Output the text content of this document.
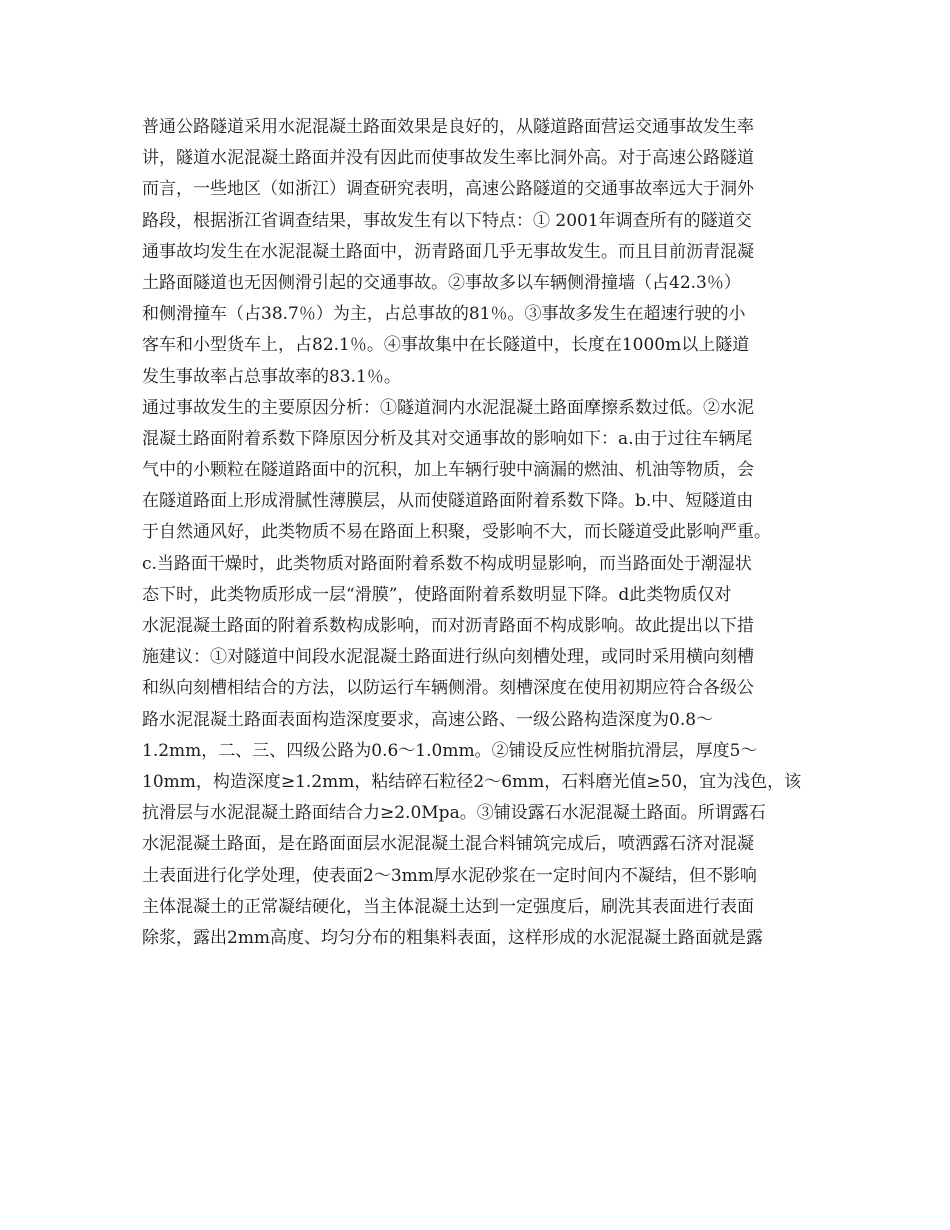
普通公路隧道采用水泥混凝土路面效果是良好的，从隧道路面营运交通事故发生率
讲，隧道水泥混凝土路面并没有因此而使事故发生率比洞外高。对于高速公路隧道
而言，一些地区（如浙江）调查研究表明，高速公路隧道的交通事故率远大于洞外
路段，根据浙江省调查结果，事故发生有以下特点：① 2001年调查所有的隧道交
通事故均发生在水泥混凝土路面中，沥青路面几乎无事故发生。而且目前沥青混凝
土路面隧道也无因侧滑引起的交通事故。②事故多以车辆侧滑撞墙（占42.3％）
和侧滑撞车（占38.7％）为主，占总事故的81％。③事故多发生在超速行驶的小
客车和小型货车上，占82.1％。④事故集中在长隧道中，长度在1000m以上隧道
发生事故率占总事故率的83.1％。
通过事故发生的主要原因分析：①隧道洞内水泥混凝土路面摩擦系数过低。②水泥
混凝土路面附着系数下降原因分析及其对交通事故的影响如下：a.由于过往车辆尾
气中的小颗粒在隧道路面中的沉积，加上车辆行驶中滴漏的燃油、机油等物质，会
在隧道路面上形成滑腻性薄膜层，从而使隧道路面附着系数下降。b.中、短隧道由
于自然通风好，此类物质不易在路面上积聚，受影响不大，而长隧道受此影响严重。
c.当路面干燥时，此类物质对路面附着系数不构成明显影响，而当路面处于潮湿状
态下时，此类物质形成一层“滑膜”，使路面附着系数明显下降。d此类物质仅对
水泥混凝土路面的附着系数构成影响，而对沥青路面不构成影响。故此提出以下措
施建议：①对隧道中间段水泥混凝土路面进行纵向刻槽处理，或同时采用横向刻槽
和纵向刻槽相结合的方法，以防运行车辆侧滑。刻槽深度在使用初期应符合各级公
路水泥混凝土路面表面构造深度要求，高速公路、一级公路构造深度为0.8～
1.2mm，二、三、四级公路为0.6～1.0mm。②铺设反应性树脂抗滑层，厚度5～
10mm，构造深度≥1.2mm，粘结碎石粒径2～6mm，石料磨光值≥50，宜为浅色，该
抗滑层与水泥混凝土路面结合力≥2.0Mpa。③铺设露石水泥混凝土路面。所谓露石
水泥混凝土路面，是在路面面层水泥混凝土混合料铺筑完成后，喷洒露石济对混凝
土表面进行化学处理，使表面2～3mm厚水泥砂浆在一定时间内不凝结，但不影响
主体混凝土的正常凝结硬化，当主体混凝土达到一定强度后，刷洗其表面进行表面
除浆，露出2mm高度、均匀分布的粗集料表面，这样形成的水泥混凝土路面就是露
